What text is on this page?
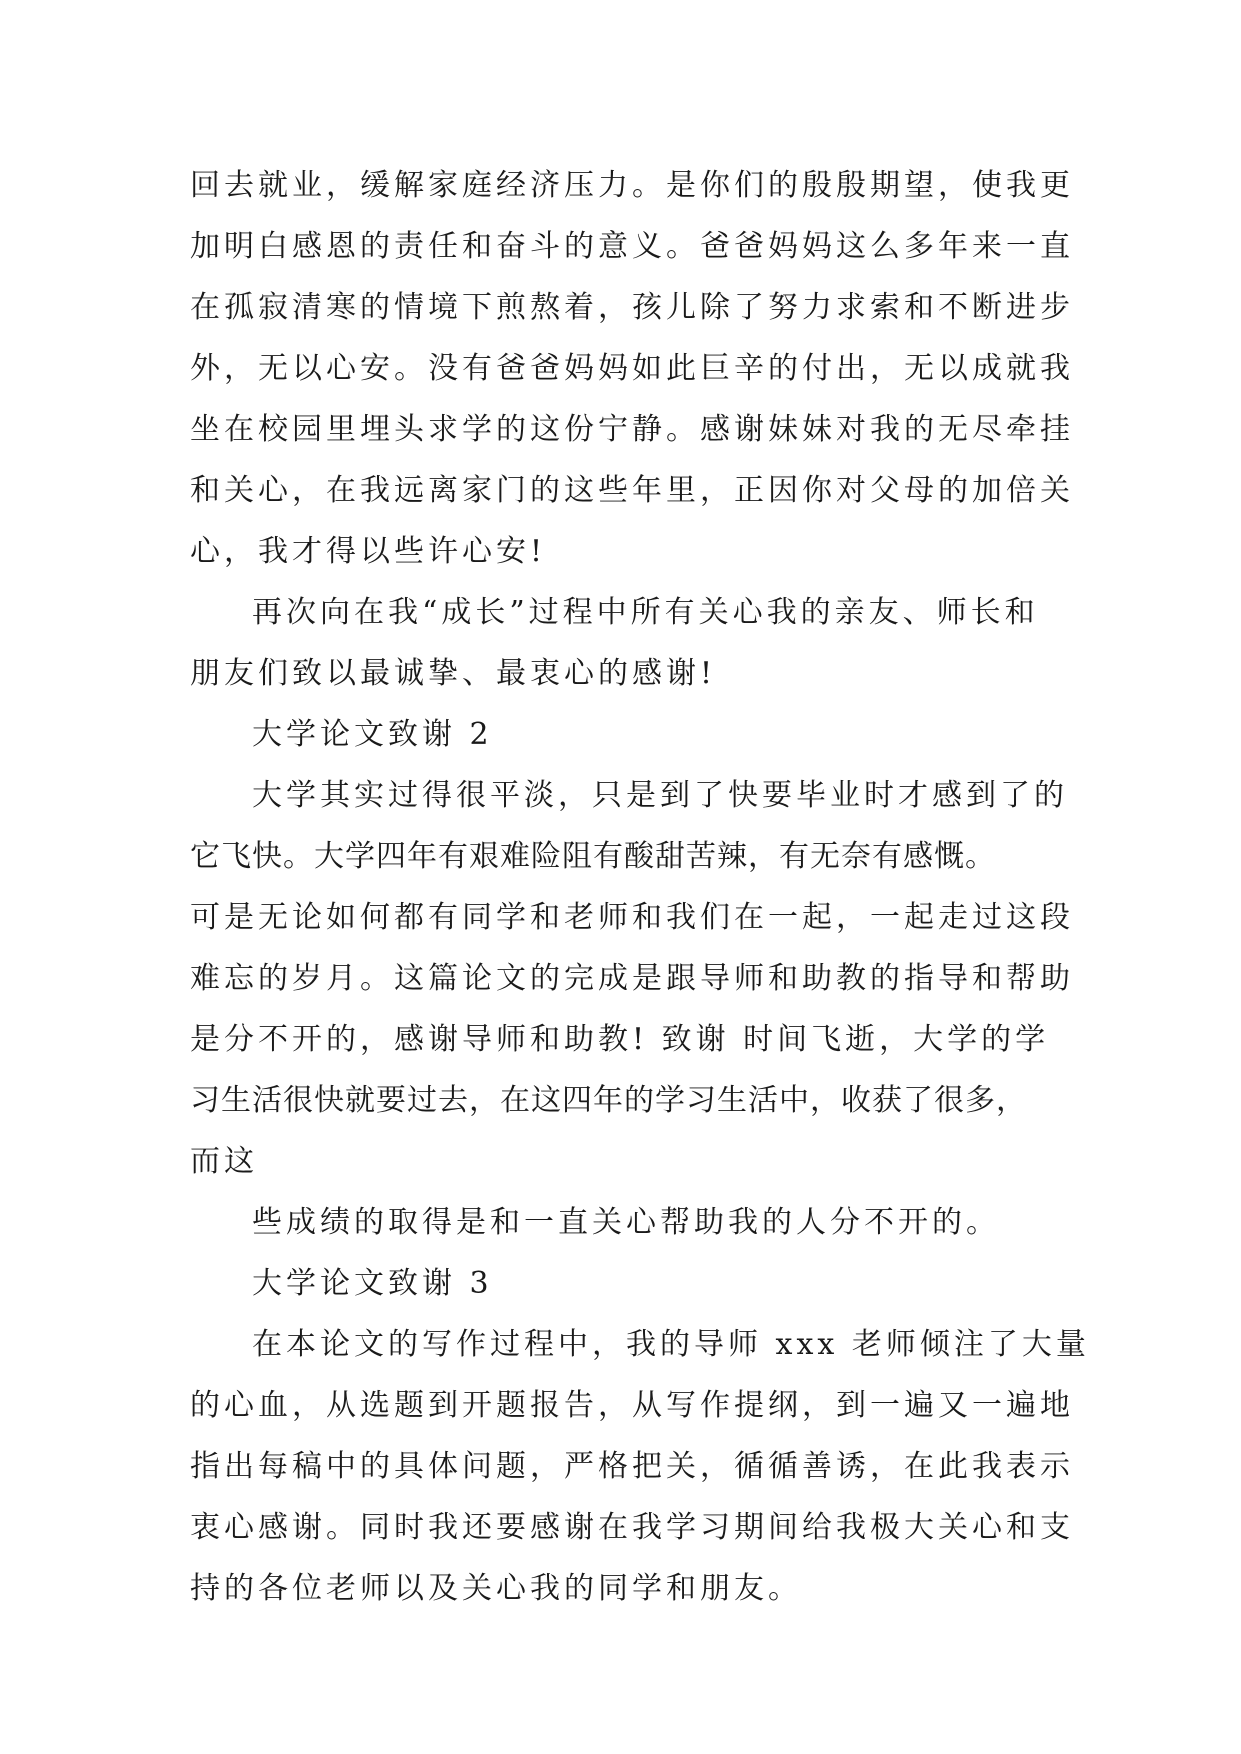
回去就业，缓解家庭经济压力。是你们的殷殷期望，使我更
加明白感恩的责任和奋斗的意义。爸爸妈妈这么多年来一直
在孤寂清寒的情境下煎熬着，孩儿除了努力求索和不断进步
外，无以心安。没有爸爸妈妈如此巨辛的付出，无以成就我
坐在校园里埋头求学的这份宁静。感谢妹妹对我的无尽牵挂
和关心，在我远离家门的这些年里，正因你对父母的加倍关
心，我才得以些许心安!
再次向在我“成长”过程中所有关心我的亲友、师长和
朋友们致以最诚挚、最衷心的感谢!
大学论文致谢 2
大学其实过得很平淡，只是到了快要毕业时才感到了的
它飞快。大学四年有艰难险阻有酸甜苦辣，有无奈有感慨。
可是无论如何都有同学和老师和我们在一起，一起走过这段
难忘的岁月。这篇论文的完成是跟导师和助教的指导和帮助
是分不开的，感谢导师和助教! 致谢 时间飞逝，大学的学
习生活很快就要过去，在这四年的学习生活中，收获了很多，
而这
些成绩的取得是和一直关心帮助我的人分不开的。
大学论文致谢 3
在本论文的写作过程中，我的导师 xxx 老师倾注了大量
的心血，从选题到开题报告，从写作提纲，到一遍又一遍地
指出每稿中的具体问题，严格把关，循循善诱，在此我表示
衷心感谢。同时我还要感谢在我学习期间给我极大关心和支
持的各位老师以及关心我的同学和朋友。
